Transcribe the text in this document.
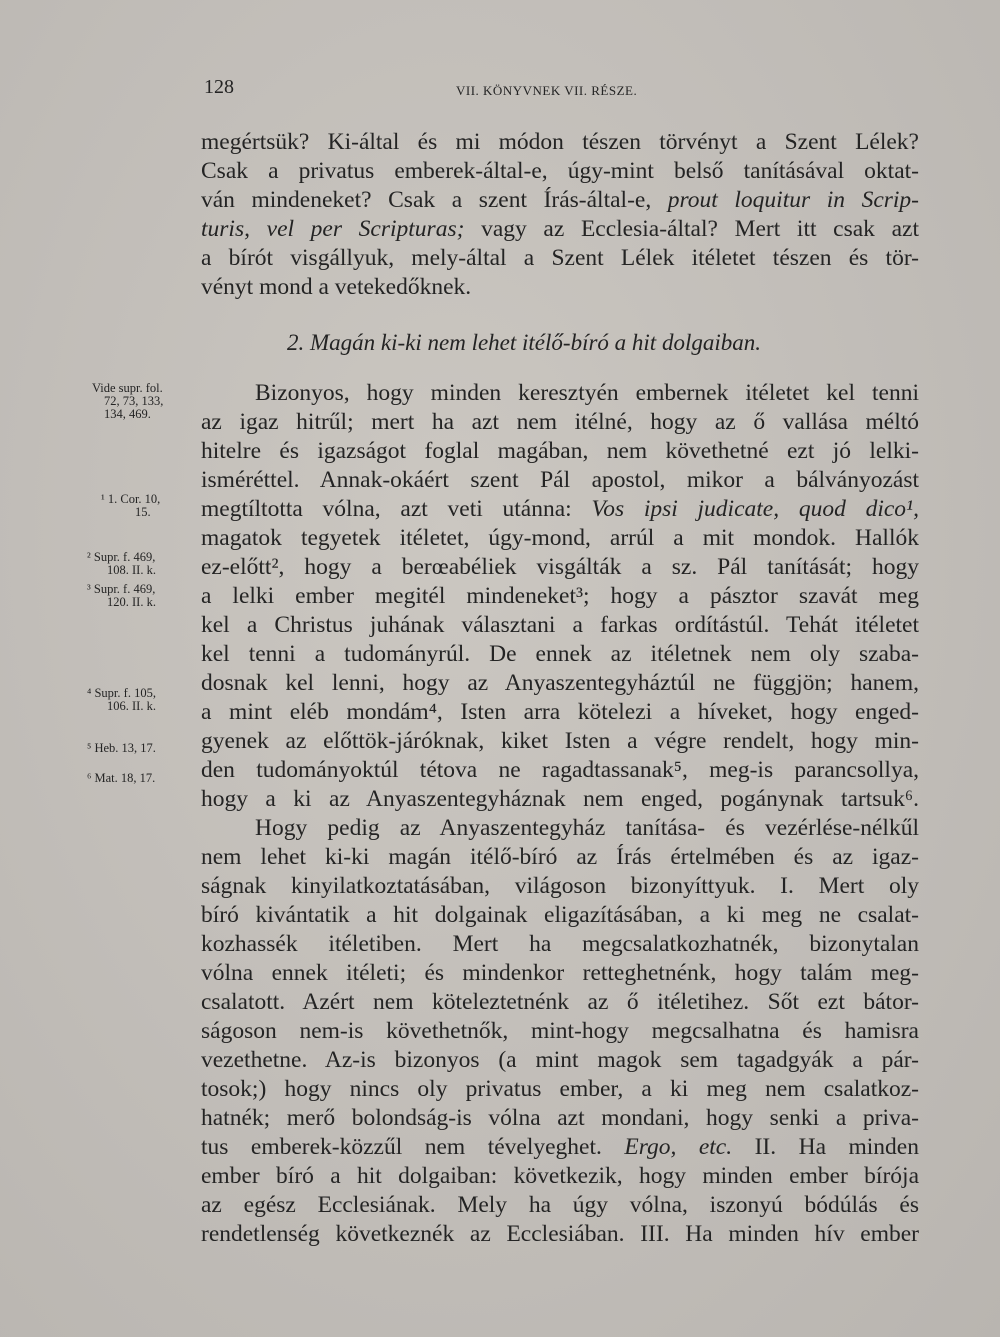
128	VII. KÖNYVNEK VII. RÉSZE.
megértsük? Ki-által és mi módon tészen törvényt a Szent Lélek?
Csak a privatus emberek-által-e, úgy-mint belső tanításával oktat-
ván mindeneket? Csak a szent Írás-által-e, prout loquitur in Scrip-
turis, vel per Scripturas; vagy az Ecclesia-által? Mert itt csak azt
a bírót visgállyuk, mely-által a Szent Lélek itéletet tészen és tör-
vényt mond a vetekedőknek.
2. Magán ki-ki nem lehet itélő-bíró a hit dolgaiban.
Bizonyos, hogy minden keresztyén embernek itéletet kel tenni
az igaz hitrűl; mert ha azt nem itélné, hogy az ő vallása méltó
hitelre és igazságot foglal magában, nem követhetné ezt jó lelki-
isméréttel. Annak-okáért szent Pál apostol, mikor a bálványozást
megtíltotta vólna, azt veti utánna: Vos ipsi judicate, quod dico¹,
magatok tegyetek itéletet, úgy-mond, arrúl a mit mondok. Hallók
ez-előtt², hogy a berœabéliek visgálták a sz. Pál tanítását; hogy
a lelki ember megitél mindeneket³; hogy a pásztor szavát meg
kel a Christus juhának választani a farkas ordítástúl. Tehát itéletet
kel tenni a tudományrúl. De ennek az itéletnek nem oly szaba-
dosnak kel lenni, hogy az Anyaszentegyháztúl ne függjön; hanem,
a mint eléb mondám⁴, Isten arra kötelezi a híveket, hogy enged-
gyenek az előttök-járóknak, kiket Isten a végre rendelt, hogy min-
den tudományoktúl tétova ne ragadtassanak⁵, meg-is parancsollya,
hogy a ki az Anyaszentegyháznak nem enged, pogánynak tartsuk⁶.
Hogy pedig az Anyaszentegyház tanítása- és vezérlése-nélkűl
nem lehet ki-ki magán itélő-bíró az Írás értelmében és az igaz-
ságnak kinyilatkoztatásában, világoson bizonyíttyuk. I. Mert oly
bíró kivántatik a hit dolgainak eligazításában, a ki meg ne csalat-
kozhassék itéletiben. Mert ha megcsalatkozhatnék, bizonytalan
vólna ennek itéleti; és mindenkor retteghetnénk, hogy talám meg-
csalatott. Azért nem köteleztetnénk az ő itéletihez. Sőt ezt bátor-
ságoson nem-is követhetnők, mint-hogy megcsalhatna és hamisra
vezethetne. Az-is bizonyos (a mint magok sem tagadgyák a pár-
tosok;) hogy nincs oly privatus ember, a ki meg nem csalatkoz-
hatnék; merő bolondság-is vólna azt mondani, hogy senki a priva-
tus emberek-közzűl nem tévelyeghet. Ergo, etc. II. Ha minden
ember bíró a hit dolgaiban: következik, hogy minden ember bírója
az egész Ecclesiának. Mely ha úgy vólna, iszonyú bódúlás és
rendetlenség következnék az Ecclesiában. III. Ha minden hív ember
Vide supr. fol.
72, 73, 133,
134, 469.
¹ 1. Cor. 10,
15.
² Supr. f. 469,
108. II. k.
³ Supr. f. 469,
120. II. k.
⁴ Supr. f. 105,
106. II. k.
⁵ Heb. 13, 17.
⁶ Mat. 18, 17.
